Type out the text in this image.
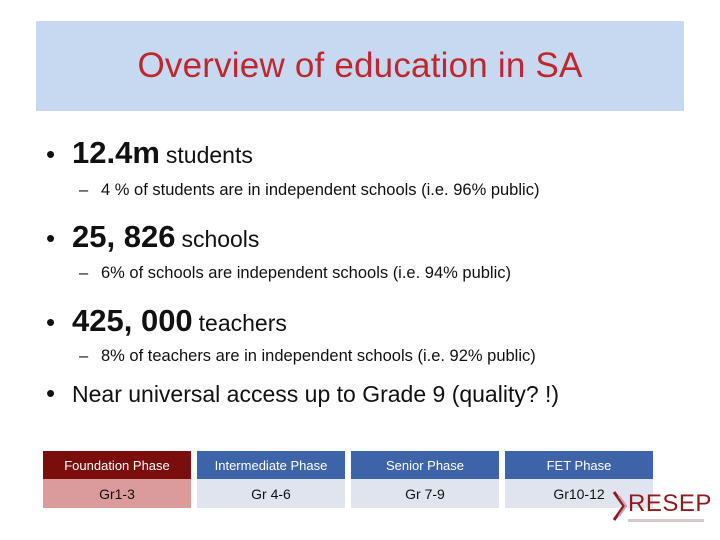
Overview of education in SA
• 12.4m students
– 4 % of students are in independent schools (i.e. 96% public)
• 25, 826 schools
– 6% of schools are independent schools (i.e. 94% public)
• 425, 000 teachers
– 8% of teachers are in independent schools (i.e. 92% public)
• Near universal access up to Grade 9 (quality? !)
Foundation Phase		Intermediate Phase		Senior Phase		FET Phase
Gr1-3		Gr 4-6		Gr 7-9		Gr10-12 RESEP
